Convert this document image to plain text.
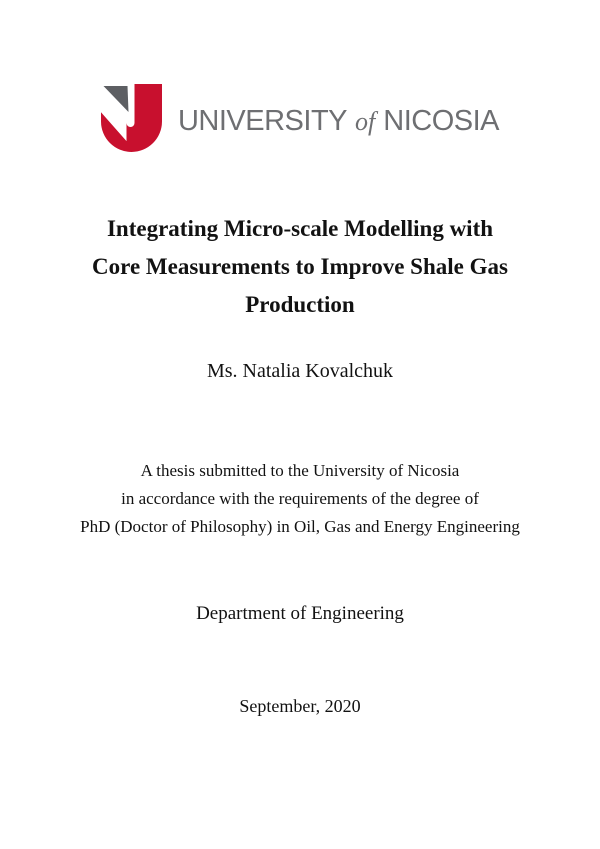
UNIVERSITY of NICOSIA
Integrating Micro-scale Modelling with
Core Measurements to Improve Shale Gas
Production
Ms. Natalia Kovalchuk
A thesis submitted to the University of Nicosia
in accordance with the requirements of the degree of
PhD (Doctor of Philosophy) in Oil, Gas and Energy Engineering
Department of Engineering
September, 2020
